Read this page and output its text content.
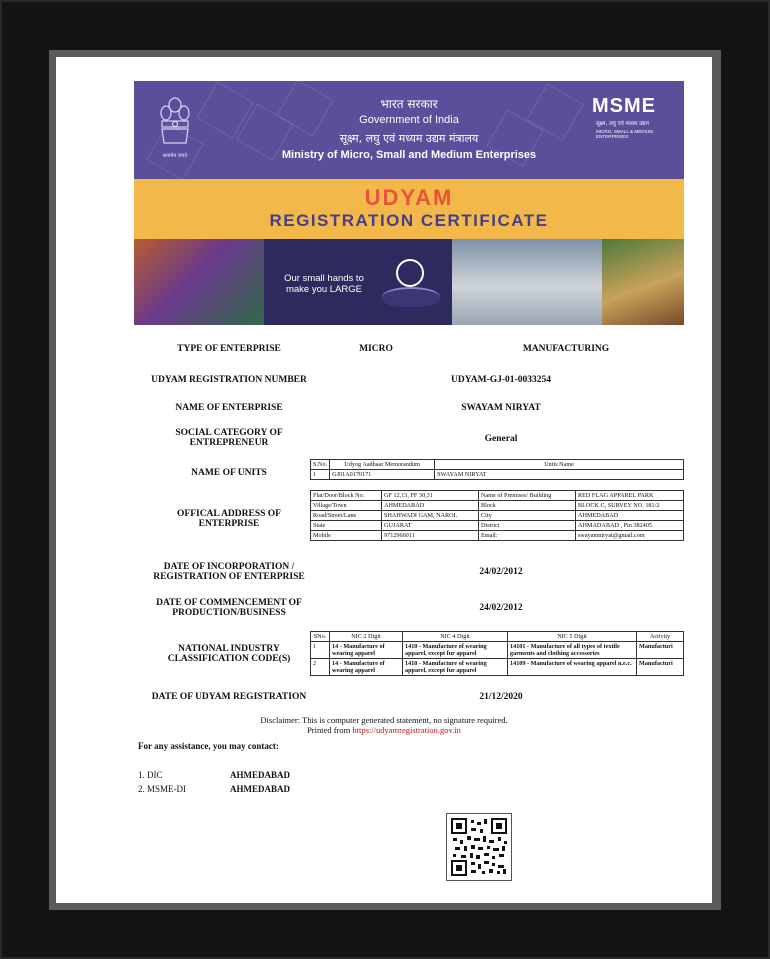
सत्यमेव जयते
भारत सरकार
Government of India
सूक्ष्म, लघु एवं मध्यम उद्यम मंत्रालय
Ministry of Micro, Small and Medium Enterprises
MSME
सूक्ष्म, लघु एवं मध्यम उद्यम
MICRO, SMALL & MEDIUM ENTERPRISES
UDYAM
REGISTRATION CERTIFICATE
Our small hands to make you LARGE
TYPE OF ENTERPRISE	MICRO	MANUFACTURING
UDYAM REGISTRATION NUMBER	UDYAM-GJ-01-0033254
NAME OF ENTERPRISE	SWAYAM NIRYAT
SOCIAL CATEGORY OF ENTREPRENEUR	General
NAME OF UNITS
S.No.	Udyog Aadhaar Memorandum	Units Name
1	GJ01A0170171	SWAYAM NIRYAT
OFFICAL ADDRESS OF ENTERPRISE
Flat/Door/Block No.	GF 12,13, FF 30,31	Name of Premises/ Building	RED FLAG APPAREL PARK
Village/Town	AHMEDABAD	Block	BLOCK C, SURVEY NO. 181/2
Road/Street/Lane	SHAHWADI GAM, NAROL	City	AHMEDABAD
State	GUJARAT	District	AHMADABAD , Pin 382405
Mobile	9712966011	Email:	swayamniryat@gmail.com
DATE OF INCORPORATION / REGISTRATION OF ENTERPRISE	24/02/2012
DATE OF COMMENCEMENT OF PRODUCTION/BUSINESS	24/02/2012
NATIONAL INDUSTRY CLASSIFICATION CODE(S)
SNo.	NIC 2 Digit	NIC 4 Digit	NIC 5 Digit	Activity
1	14 - Manufacture of wearing apparel	1410 - Manufacture of wearing apparel, except fur apparel	14101 - Manufacture of all types of textile garments and clothing accessories	Manufacturi
2	14 - Manufacture of wearing apparel	1410 - Manufacture of wearing apparel, except fur apparel	14109 - Manufacture of wearing apparel n.e.c.	Manufacturi
DATE OF UDYAM REGISTRATION	21/12/2020
Disclaimer: This is computer generated statement, no signature required.
Printed from https://udyamregistration.gov.in
For any assistance, you may contact:
1. DIC	AHMEDABAD
2. MSME-DI	AHMEDABAD
